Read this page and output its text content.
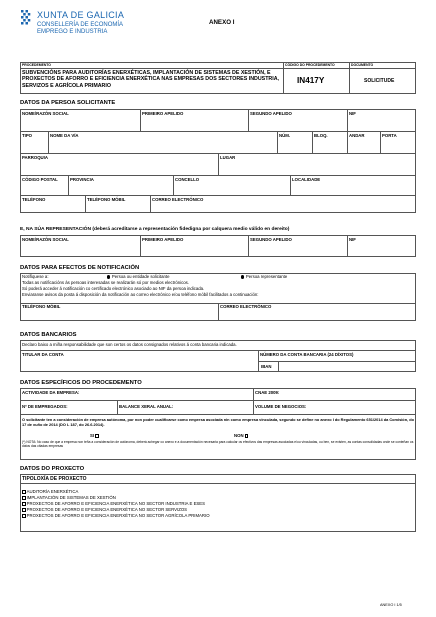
XUNTA DE GALICIA
CONSELLERÍA DE ECONOMÍA
EMPREGO E INDUSTRIA
ANEXO I
PROCEDEMENTO	CÓDIGO DO PROCEDEMENTO	DOCUMENTO
SUBVENCIÓNS PARA AUDITORÍAS ENERXÉTICAS, IMPLANTACIÓN DE SISTEMAS DE XESTIÓN, E PROXECTOS DE AFORRO E EFICIENCIA ENERXÉTICA NAS EMPRESAS DOS SECTORES INDUSTRIA, SERVIZOS E AGRÍCOLA PRIMARIO
IN417Y	SOLICITUDE
DATOS DA PERSOA SOLICITANTE
NOME/RAZÓN SOCIAL	PRIMEIRO APELIDO	SEGUNDO APELIDO	NIF
TIPO	NOME DA VÍA	NÚM.	BLOQ.	ANDAR	PORTA
PARROQUIA	LUGAR
CÓDIGO POSTAL	PROVINCIA	CONCELLO	LOCALIDADE
TELÉFONO	TELÉFONO MÓBIL	CORREO ELECTRÓNICO
E, NA SÚA REPRESENTACIÓN (deberá acreditarse a representación fidedigna por calquera medio válido en dereito)
NOME/RAZÓN SOCIAL	PRIMEIRO APELIDO	SEGUNDO APELIDO	NIF
DATOS PARA EFECTOS DE NOTIFICACIÓN
Notifíquese a:	Persoa ou entidade solicitante	Persoa representante
Todas as notificacións ás persoas interesadas se realizarán só por medios electrónicos.
Só poderá acceder á notificación co certificado electrónico asociado ao NIF da persoa indicada.
Enviaranse avisos da posta á disposición da notificación ao correo electrónico e/ou teléfono móbil facilitados a continuación:
TELÉFONO MÓBIL	CORREO ELECTRÓNICO
DATOS BANCARIOS
Declaro baixo a miña responsabilidade que son certos os datos consignados relativos á conta bancaria indicada.
TITULAR DA CONTA	NÚMERO DA CONTA BANCARIA (24 DÍXITOS)
IBAN
DATOS ESPECÍFICOS DO PROCEDEMENTO
ACTIVIDADE DA EMPRESA:	CNAE 2009:
Nº DE EMPREGADOS:	BALANCE XERAL ANUAL:	VOLUME DE NEGOCIOS:
O solicitante ten a consideración de empresa autónoma, por non poder cualificarse como empresa asociada nin como empresa vinculada, segundo se define no anexo I do Regulamento 651/2014 da Comisión, do 17 de xuño de 2014 (DO L 187, do 26.6.2014).
SI	NON
(*) NOTA: No caso de que a empresa non teña a consideración de autónoma, deberá achegar co anexo e a documentación necesaria para calcular os efectivos das empresas asociadas e/ou vinculadas, ou ben, se existen, as contas consolidadas onde se conteñan os datos das citadas empresas
DATOS DO PROXECTO
TIPOLOXÍA DE PROXECTO
AUDITORÍA ENERXÉTICA
IMPLANTACIÓN DE SISTEMAS DE XESTIÓN
PROXECTOS DE AFORRO E EFICIENCIA ENERXÉTICA NO SECTOR INDUSTRIA E ESES
PROXECTOS DE AFORRO E EFICIENCIA ENERXÉTICA NO SECTOR SERVIZOS
PROXECTOS DE AFORRO E EFICIENCIA ENERXÉTICA NO SECTOR AGRÍCOLA PRIMARIO
ANEXO I 1/5
